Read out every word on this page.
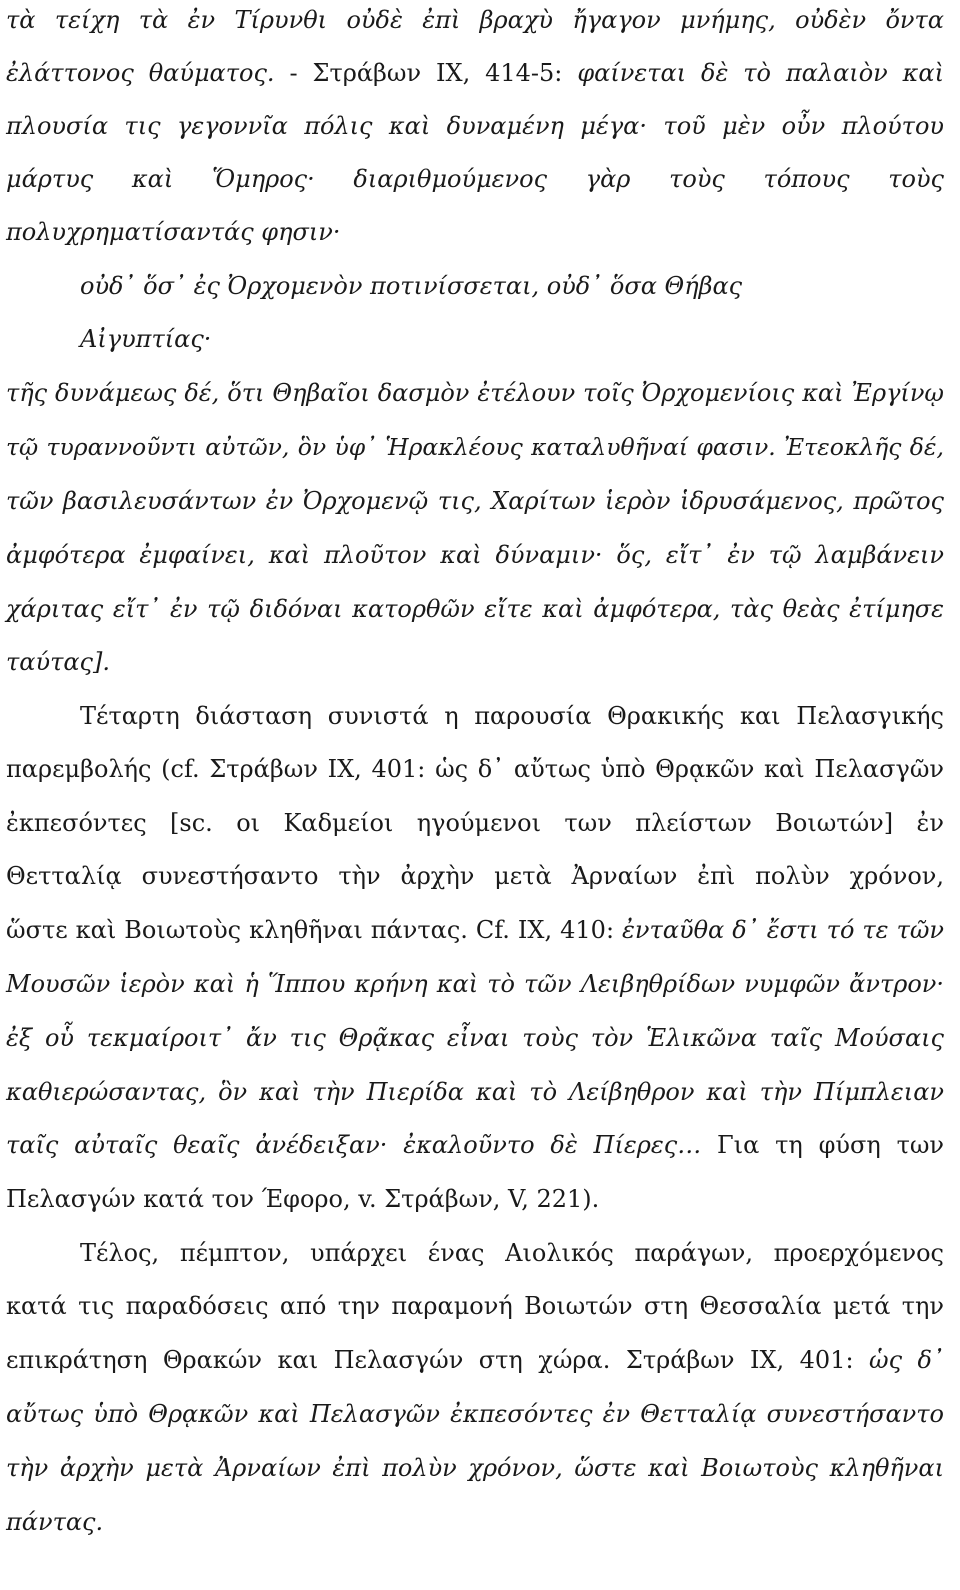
τὰ τείχη τὰ ἐν Τίρυνθι οὐδὲ ἐπὶ βραχὺ ἤγαγον μνήμης, οὐδὲν ὄντα
ἐλάττονος θαύματος. - Στράβων IX, 414-5: φαίνεται δὲ τὸ παλαιὸν καὶ
πλουσία τις γεγοννῖα πόλις καὶ δυναμένη μέγα· τοῦ μὲν οὖν πλούτου
μάρτυς καὶ Ὅμηρος· διαριθμούμενος γὰρ τοὺς τόπους τοὺς
πολυχρηματίσαντάς φησιν·
οὐδ᾽ ὅσ᾽ ἐς Ὀρχομενὸν ποτινίσσεται, οὐδ᾽ ὅσα Θήβας
Αἰγυπτίας·
τῆς δυνάμεως δέ, ὅτι Θηβαῖοι δασμὸν ἐτέλουν τοῖς Ὀρχομενίοις καὶ Ἐργίνῳ
τῷ τυραννοῦντι αὐτῶν, ὃν ὑφ᾽ Ἡρακλέους καταλυθῆναί φασιν. Ἐτεοκλῆς δέ,
τῶν βασιλευσάντων ἐν Ὀρχομενῷ τις, Χαρίτων ἱερὸν ἱδρυσάμενος, πρῶτος
ἀμφότερα ἐμφαίνει, καὶ πλοῦτον καὶ δύναμιν· ὅς, εἴτ᾽ ἐν τῷ λαμβάνειν
χάριτας εἴτ᾽ ἐν τῷ διδόναι κατορθῶν εἴτε καὶ ἀμφότερα, τὰς θεὰς ἐτίμησε
ταύτας].
Τέταρτη διάσταση συνιστά η παρουσία Θρακικής και Πελασγικής
παρεμβολής (cf. Στράβων IX, 401: ὡς δ᾽ αὔτως ὑπὸ Θρᾳκῶν καὶ Πελασγῶν
ἐκπεσόντες [sc. οι Καδμείοι ηγούμενοι των πλείστων Βοιωτών] ἐν
Θετταλίᾳ συνεστήσαντο τὴν ἀρχὴν μετὰ Ἀρναίων ἐπὶ πολὺν χρόνον,
ὥστε καὶ Βοιωτοὺς κληθῆναι πάντας. Cf. IX, 410: ἐνταῦθα δ᾽ ἔστι τό τε τῶν
Μουσῶν ἱερὸν καὶ ἡ Ἵππου κρήνη καὶ τὸ τῶν Λειβηθρίδων νυμφῶν ἄντρον·
ἐξ οὗ τεκμαίροιτ᾽ ἄν τις Θρᾷκας εἶναι τοὺς τὸν Ἑλικῶνα ταῖς Μούσαις
καθιερώσαντας, ὃν καὶ τὴν Πιερίδα καὶ τὸ Λείβηθρον καὶ τὴν Πίμπλειαν
ταῖς αὐταῖς θεαῖς ἀνέδειξαν· ἐκαλοῦντο δὲ Πίερες… Για τη φύση των
Πελασγών κατά τον Έφορο, v. Στράβων, V, 221).
Τέλος, πέμπτον, υπάρχει ένας Αιολικός παράγων, προερχόμενος
κατά τις παραδόσεις από την παραμονή Βοιωτών στη Θεσσαλία μετά την
επικράτηση Θρακών και Πελασγών στη χώρα. Στράβων IX, 401: ὡς δ᾽
αὔτως ὑπὸ Θρᾳκῶν καὶ Πελασγῶν ἐκπεσόντες ἐν Θετταλίᾳ συνεστήσαντο
τὴν ἀρχὴν μετὰ Ἀρναίων ἐπὶ πολὺν χρόνον, ὥστε καὶ Βοιωτοὺς κληθῆναι
πάντας.
